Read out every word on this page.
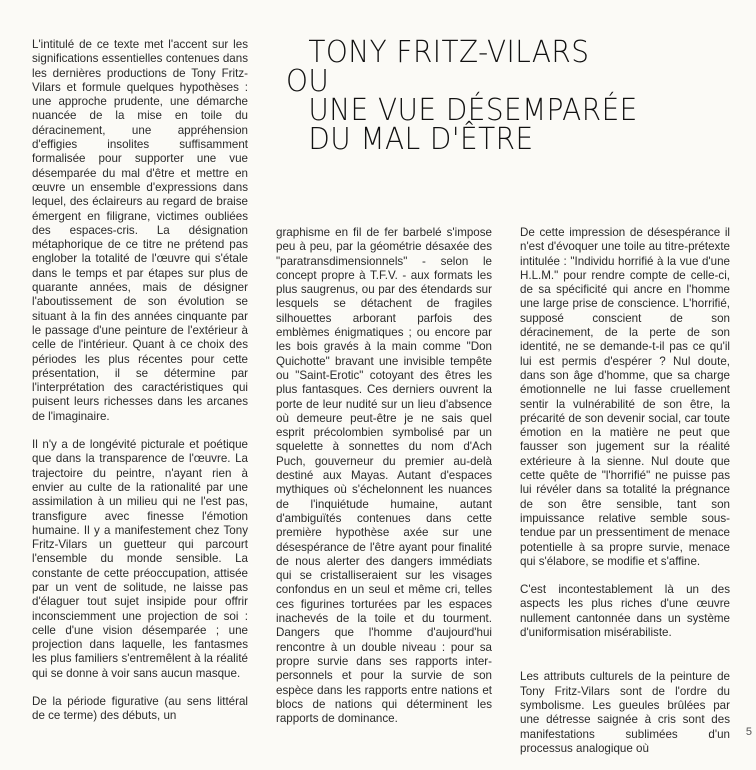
L'intitulé de ce texte met l'accent sur les significations essentielles contenues dans les dernières productions de Tony Fritz-Vilars et formule quelques hypothèses : une approche prudente, une démarche nuancée de la mise en toile du déracinement, une appréhension d'effigies insolites suffisamment formalisée pour supporter une vue désemparée du mal d'être et mettre en œuvre un ensemble d'expressions dans lequel, des éclaireurs au regard de braise émergent en filigrane, victimes oubliées des espaces-cris. La désignation métaphorique de ce titre ne prétend pas englober la totalité de l'œuvre qui s'étale dans le temps et par étapes sur plus de quarante années, mais de désigner l'aboutissement de son évolution se situant à la fin des années cinquante par le passage d'une peinture de l'extérieur à celle de l'intérieur. Quant à ce choix des périodes les plus récentes pour cette présentation, il se détermine par l'interprétation des caractéristiques qui puisent leurs richesses dans les arcanes de l'imaginaire.

Il n'y a de longévité picturale et poétique que dans la transparence de l'œuvre. La trajectoire du peintre, n'ayant rien à envier au culte de la rationalité par une assimilation à un milieu qui ne l'est pas, transfigure avec finesse l'émotion humaine. Il y a manifestement chez Tony Fritz-Vilars un guetteur qui parcourt l'ensemble du monde sensible. La constante de cette préoccupation, attisée par un vent de solitude, ne laisse pas d'élaguer tout sujet insipide pour offrir inconsciemment une projection de soi : celle d'une vision désemparée ; une projection dans laquelle, les fantasmes les plus familiers s'entremêlent à la réalité qui se donne à voir sans aucun masque.

De la période figurative (au sens littéral de ce terme) des débuts, un

TONY FRITZ-VILARS
OU
UNE VUE DÉSEMPARÉE
DU MAL D'ÊTRE

graphisme en fil de fer barbelé s'impose peu à peu, par la géométrie désaxée des "paratransdimensionnels" - selon le concept propre à T.F.V. - aux formats les plus saugrenus, ou par des étendards sur lesquels se détachent de fragiles silhouettes arborant parfois des emblèmes énigmatiques ; ou encore par les bois gravés à la main comme "Don Quichotte" bravant une invisible tempête ou "Saint-Erotic" cotoyant des êtres les plus fantasques. Ces derniers ouvrent la porte de leur nudité sur un lieu d'absence où demeure peut-être je ne sais quel esprit précolombien symbolisé par un squelette à sonnettes du nom d'Ach Puch, gouverneur du premier au-delà destiné aux Mayas. Autant d'espaces mythiques où s'échelonnent les nuances de l'inquiétude humaine, autant d'ambiguïtés contenues dans cette première hypothèse axée sur une désespérance de l'être ayant pour finalité de nous alerter des dangers immédiats qui se cristalliseraient sur les visages confondus en un seul et même cri, telles ces figurines torturées par les espaces inachevés de la toile et du tourment. Dangers que l'homme d'aujourd'hui rencontre à un double niveau : pour sa propre survie dans ses rapports inter-personnels et pour la survie de son espèce dans les rapports entre nations et blocs de nations qui déterminent les rapports de dominance.

De cette impression de désespérance il n'est d'évoquer une toile au titre-prétexte intitulée : "Individu horrifié à la vue d'une H.L.M." pour rendre compte de celle-ci, de sa spécificité qui ancre en l'homme une large prise de conscience. L'horrifié, supposé conscient de son déracinement, de la perte de son identité, ne se demande-t-il pas ce qu'il lui est permis d'espérer ? Nul doute, dans son âge d'homme, que sa charge émotionnelle ne lui fasse cruellement sentir la vulnérabilité de son être, la précarité de son devenir social, car toute émotion en la matière ne peut que fausser son jugement sur la réalité extérieure à la sienne. Nul doute que cette quête de "l'horrifié" ne puisse pas lui révéler dans sa totalité la prégnance de son être sensible, tant son impuissance relative semble sous-tendue par un pressentiment de menace potentielle à sa propre survie, menace qui s'élabore, se modifie et s'affine.

C'est incontestablement là un des aspects les plus riches d'une œuvre nullement cantonnée dans un système d'uniformisation misérabiliste.

Les attributs culturels de la peinture de Tony Fritz-Vilars sont de l'ordre du symbolisme. Les gueules brûlées par une détresse saignée à cris sont des manifestations sublimées d'un processus analogique où

5
